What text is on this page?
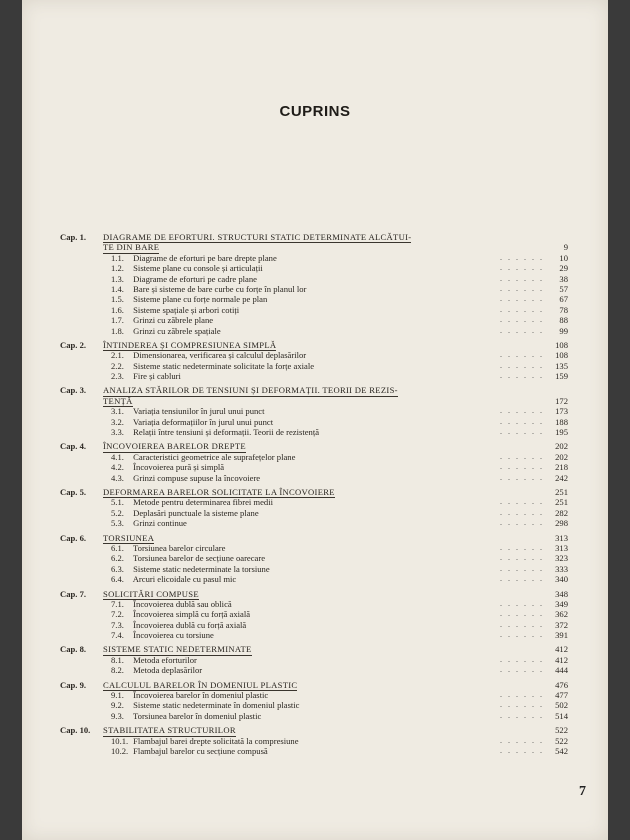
CUPRINS
Cap. 1.	DIAGRAME DE EFORTURI. STRUCTURI STATIC DETERMINATE ALCĂTUI-
TE DIN BARE	9
1.1. Diagrame de eforturi pe bare drepte plane	. . . . . .	10
1.2. Sisteme plane cu console și articulații	. . . . . .	29
1.3. Diagrame de eforturi pe cadre plane	. . . . . .	38
1.4. Bare și sisteme de bare curbe cu forțe în planul lor	. . . . . .	57
1.5. Sisteme plane cu forțe normale pe plan	. . . . . .	67
1.6. Sisteme spațiale și arbori cotiți	. . . . . .	78
1.7. Grinzi cu zăbrele plane	. . . . . .	88
1.8. Grinzi cu zăbrele spațiale	. . . . . .	99
Cap. 2.	ÎNTINDEREA ȘI COMPRESIUNEA SIMPLĂ	108
2.1. Dimensionarea, verificarea și calculul deplasărilor	. . . . . .	108
2.2. Sisteme static nedeterminate solicitate la forțe axiale	. . . . . .	135
2.3. Fire și cabluri	. . . . . .	159
Cap. 3.	ANALIZA STĂRILOR DE TENSIUNI ȘI DEFORMAȚII. TEORII DE REZIS-
TENȚĂ	172
3.1. Variația tensiunilor în jurul unui punct	. . . . . .	173
3.2. Variația deformațiilor în jurul unui punct	. . . . . .	188
3.3. Relații între tensiuni și deformații. Teorii de rezistență	. . . . . .	195
Cap. 4.	ÎNCOVOIEREA BARELOR DREPTE	202
4.1. Caracteristici geometrice ale suprafețelor plane	. . . . . .	202
4.2. Încovoierea pură și simplă	. . . . . .	218
4.3. Grinzi compuse supuse la încovoiere	. . . . . .	242
Cap. 5.	DEFORMAREA BARELOR SOLICITATE LA ÎNCOVOIERE	251
5.1. Metode pentru determinarea fibrei medii	. . . . . .	251
5.2. Deplasări punctuale la sisteme plane	. . . . . .	282
5.3. Grinzi continue	. . . . . .	298
Cap. 6.	TORSIUNEA	313
6.1. Torsiunea barelor circulare	. . . . . .	313
6.2. Torsiunea barelor de secțiune oarecare	. . . . . .	323
6.3. Sisteme static nedeterminate la torsiune	. . . . . .	333
6.4. Arcuri elicoidale cu pasul mic	. . . . . .	340
Cap. 7.	SOLICITĂRI COMPUSE	348
7.1. Încovoierea dublă sau oblică	. . . . . .	349
7.2. Încovoierea simplă cu forță axială	. . . . . .	362
7.3. Încovoierea dublă cu forță axială	. . . . . .	372
7.4. Încovoierea cu torsiune	. . . . . .	391
Cap. 8.	SISTEME STATIC NEDETERMINATE	412
8.1. Metoda eforturilor	. . . . . .	412
8.2. Metoda deplasărilor	. . . . . .	444
Cap. 9.	CALCULUL BARELOR ÎN DOMENIUL PLASTIC	476
9.1. Încovoierea barelor în domeniul plastic	. . . . . .	477
9.2. Sisteme static nedeterminate în domeniul plastic	. . . . . .	502
9.3. Torsiunea barelor în domeniul plastic	. . . . . .	514
Cap. 10.	STABILITATEA STRUCTURILOR	522
10.1. Flambajul barei drepte solicitată la compresiune	. . . . . .	522
10.2. Flambajul barelor cu secțiune compusă	. . . . . .	542
7
